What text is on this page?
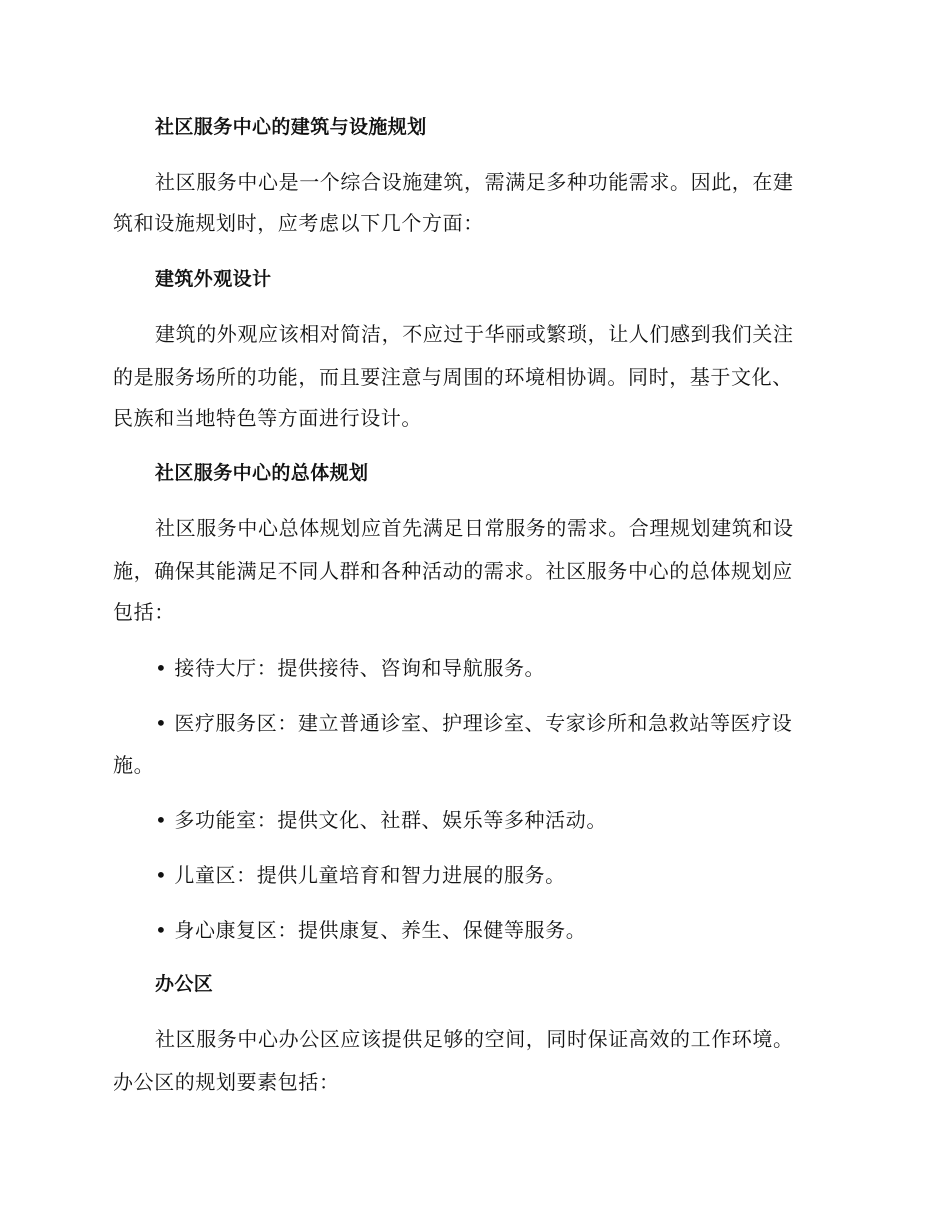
社区服务中心的建筑与设施规划
社区服务中心是一个综合设施建筑，需满足多种功能需求。因此，在建
筑和设施规划时，应考虑以下几个方面：
建筑外观设计
建筑的外观应该相对简洁，不应过于华丽或繁琐，让人们感到我们关注
的是服务场所的功能，而且要注意与周围的环境相协调。同时，基于文化、
民族和当地特色等方面进行设计。
社区服务中心的总体规划
社区服务中心总体规划应首先满足日常服务的需求。合理规划建筑和设
施，确保其能满足不同人群和各种活动的需求。社区服务中心的总体规划应
包括：
• 接待大厅：提供接待、咨询和导航服务。
• 医疗服务区：建立普通诊室、护理诊室、专家诊所和急救站等医疗设
施。
• 多功能室：提供文化、社群、娱乐等多种活动。
• 儿童区：提供儿童培育和智力进展的服务。
• 身心康复区：提供康复、养生、保健等服务。
办公区
社区服务中心办公区应该提供足够的空间，同时保证高效的工作环境。
办公区的规划要素包括：
